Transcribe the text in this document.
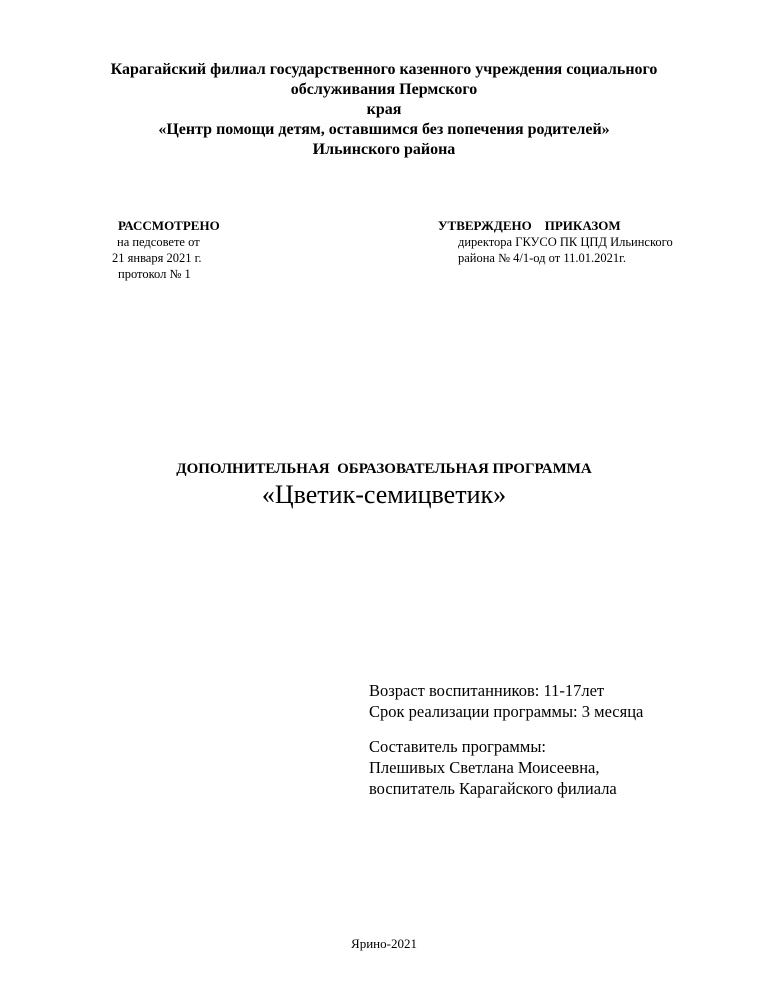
Карагайский филиал государственного казенного учреждения социального
обслуживания Пермского
края
«Центр помощи детям, оставшимся без попечения родителей»
Ильинского района
РАССМОТРЕНО
на педсовете от
21 января 2021 г.
протокол № 1
УТВЕРЖДЕНО    ПРИКАЗОМ
директора ГКУСО ПК ЦПД Ильинского
района № 4/1-од от 11.01.2021г.
ДОПОЛНИТЕЛЬНАЯ  ОБРАЗОВАТЕЛЬНАЯ ПРОГРАММА
«Цветик-семицветик»
Возраст воспитанников: 11-17лет
Срок реализации программы: 3 месяца
Составитель программы:
Плешивых Светлана Моисеевна,
воспитатель Карагайского филиала
Ярино-2021
